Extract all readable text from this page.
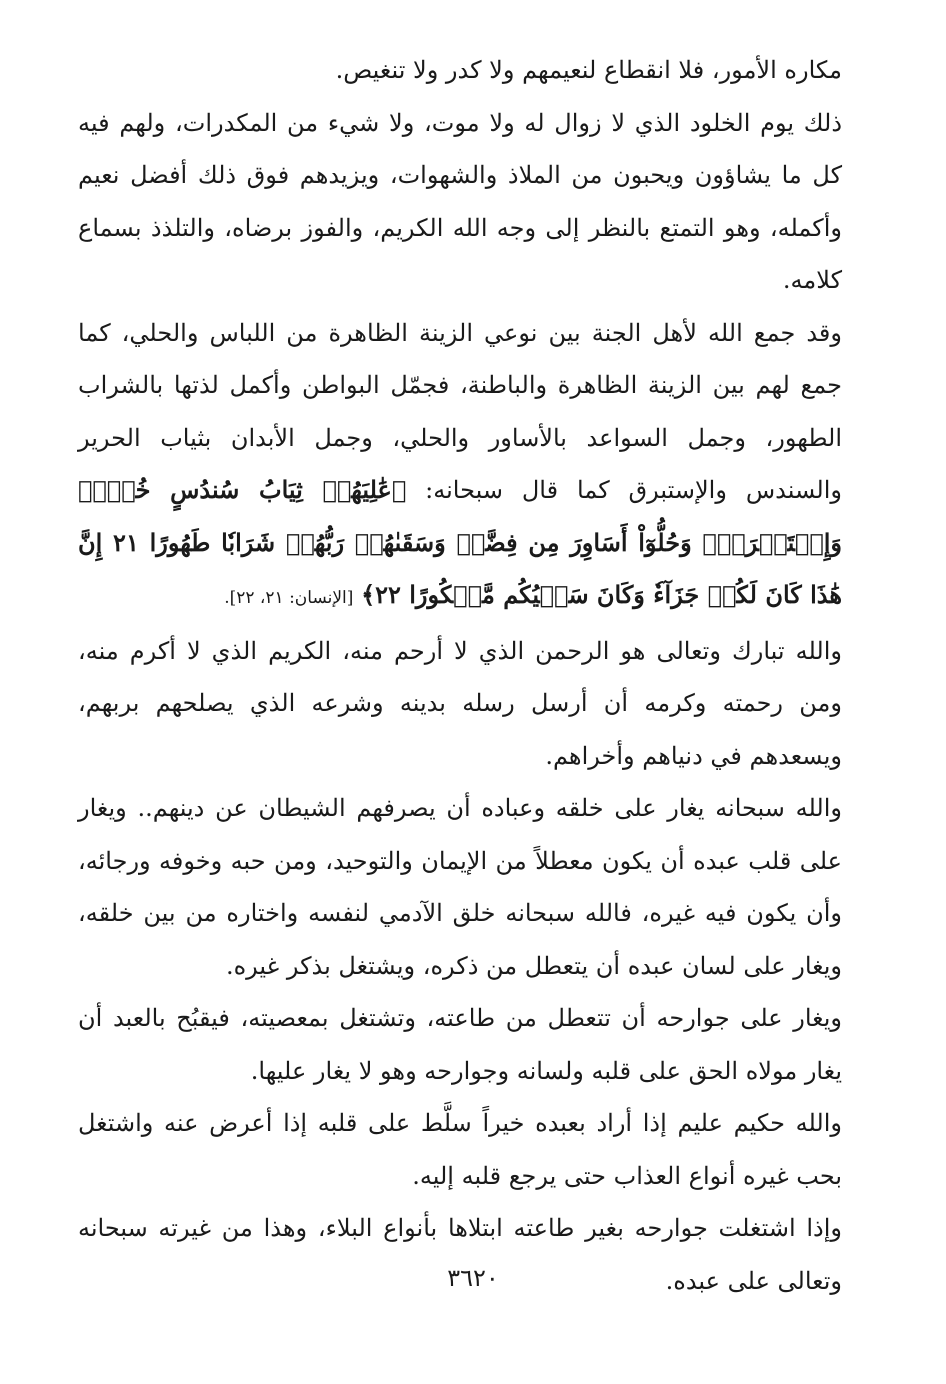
مكاره الأمور، فلا انقطاع لنعيمهم ولا كدر ولا تنغيص.

ذلك يوم الخلود الذي لا زوال له ولا موت، ولا شيء من المكدرات، ولهم فيه كل ما يشاؤون ويحبون من الملاذ والشهوات، ويزيدهم فوق ذلك أفضل نعيم وأكمله، وهو التمتع بالنظر إلى وجه الله الكريم، والفوز برضاه، والتلذذ بسماع كلامه.

وقد جمع الله لأهل الجنة بين نوعي الزينة الظاهرة من اللباس والحلي، كما جمع لهم بين الزينة الظاهرة والباطنة، فجمّل البواطن وأكمل لذتها بالشراب الطهور، وجمل السواعد بالأساور والحلي، وجمل الأبدان بثياب الحرير والسندس والإستبرق كما قال سبحانه: ﴿عَٰلِيَهُمۡ ثِيَابُ سُندُسٍ خُضۡرٞ وَإِسۡتَبۡرَقٞۖ وَحُلُّوٓاْ أَسَاوِرَ مِن فِضَّةٖ وَسَقَىٰهُمۡ رَبُّهُمۡ شَرَابٗا طَهُورًا ٢١ إِنَّ هَٰذَا كَانَ لَكُمۡ جَزَآءٗ وَكَانَ سَعۡيُكُم مَّشۡكُورًا ٢٢﴾ [الإنسان: ٢١، ٢٢].

والله تبارك وتعالى هو الرحمن الذي لا أرحم منه، الكريم الذي لا أكرم منه، ومن رحمته وكرمه أن أرسل رسله بدينه وشرعه الذي يصلحهم بربهم، ويسعدهم في دنياهم وأخراهم.

والله سبحانه يغار على خلقه وعباده أن يصرفهم الشيطان عن دينهم.. ويغار على قلب عبده أن يكون معطلاً من الإيمان والتوحيد، ومن حبه وخوفه ورجائه، وأن يكون فيه غيره، فالله سبحانه خلق الآدمي لنفسه واختاره من بين خلقه، ويغار على لسان عبده أن يتعطل من ذكره، ويشتغل بذكر غيره.

ويغار على جوارحه أن تتعطل من طاعته، وتشتغل بمعصيته، فيقبُح بالعبد أن يغار مولاه الحق على قلبه ولسانه وجوارحه وهو لا يغار عليها.

والله حكيم عليم إذا أراد بعبده خيراً سلَّط على قلبه إذا أعرض عنه واشتغل بحب غيره أنواع العذاب حتى يرجع قلبه إليه.

وإذا اشتغلت جوارحه بغير طاعته ابتلاها بأنواع البلاء، وهذا من غيرته سبحانه وتعالى على عبده.

٣٦٢٠
